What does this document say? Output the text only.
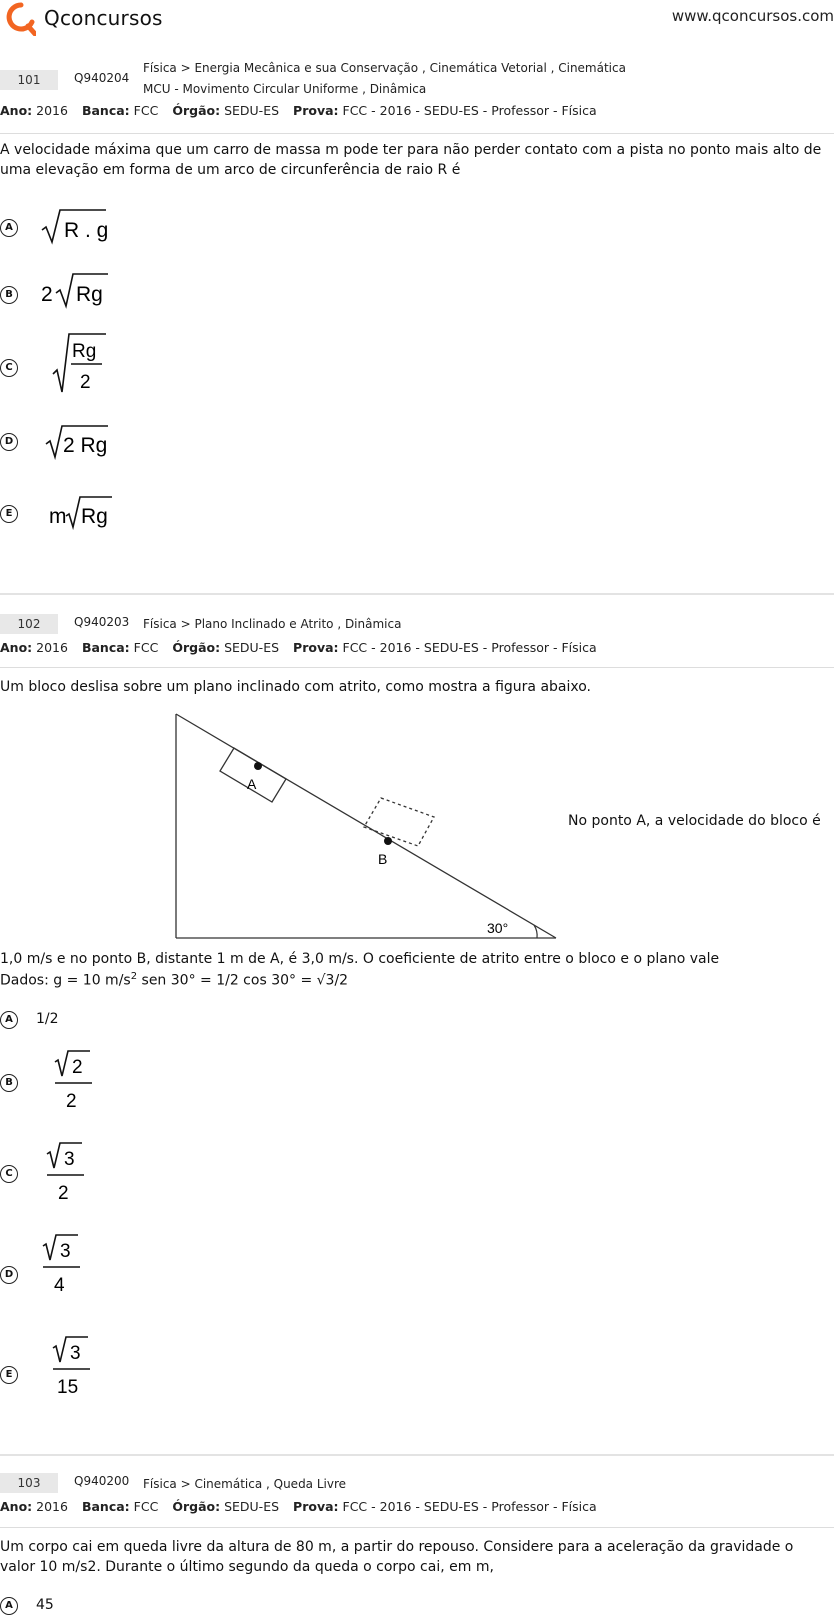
Qconcursos	www.qconcursos.com
101	Q940204
Física > Energia Mecânica e sua Conservação , Cinemática Vetorial , Cinemática
MCU - Movimento Circular Uniforme , Dinâmica
Ano: 2016 Banca: FCC Órgão: SEDU-ES Prova: FCC - 2016 - SEDU-ES - Professor - Física
A velocidade máxima que um carro de massa m pode ter para não perder contato com a pista no ponto mais alto de uma elevação em forma de um arco de circunferência de raio R é
A R . g
B 2 Rg
C
Rg
2
D 2 Rg
E m Rg
102	Q940203 Física > Plano Inclinado e Atrito , Dinâmica
Ano: 2016 Banca: FCC Órgão: SEDU-ES Prova: FCC - 2016 - SEDU-ES - Professor - Física
Um bloco deslisa sobre um plano inclinado com atrito, como mostra a figura abaixo.
A
B
30°
No ponto A, a velocidade do bloco é
1,0 m/s e no ponto B, distante 1 m de A, é 3,0 m/s. O coeficiente de atrito entre o bloco e o plano vale
Dados: g = 10 $m/s^2$ sen 30° = 1/2 cos 30° = √3/2
A	1/2
B
2
2
C
3
2
D
3
4
E
3
15
103	Q940200 Física > Cinemática , Queda Livre
Ano: 2016 Banca: FCC Órgão: SEDU-ES Prova: FCC - 2016 - SEDU-ES - Professor - Física
Um corpo cai em queda livre da altura de 80 m, a partir do repouso. Considere para a aceleração da gravidade o valor 10 m/s2. Durante o último segundo da queda o corpo cai, em m,
A	45
